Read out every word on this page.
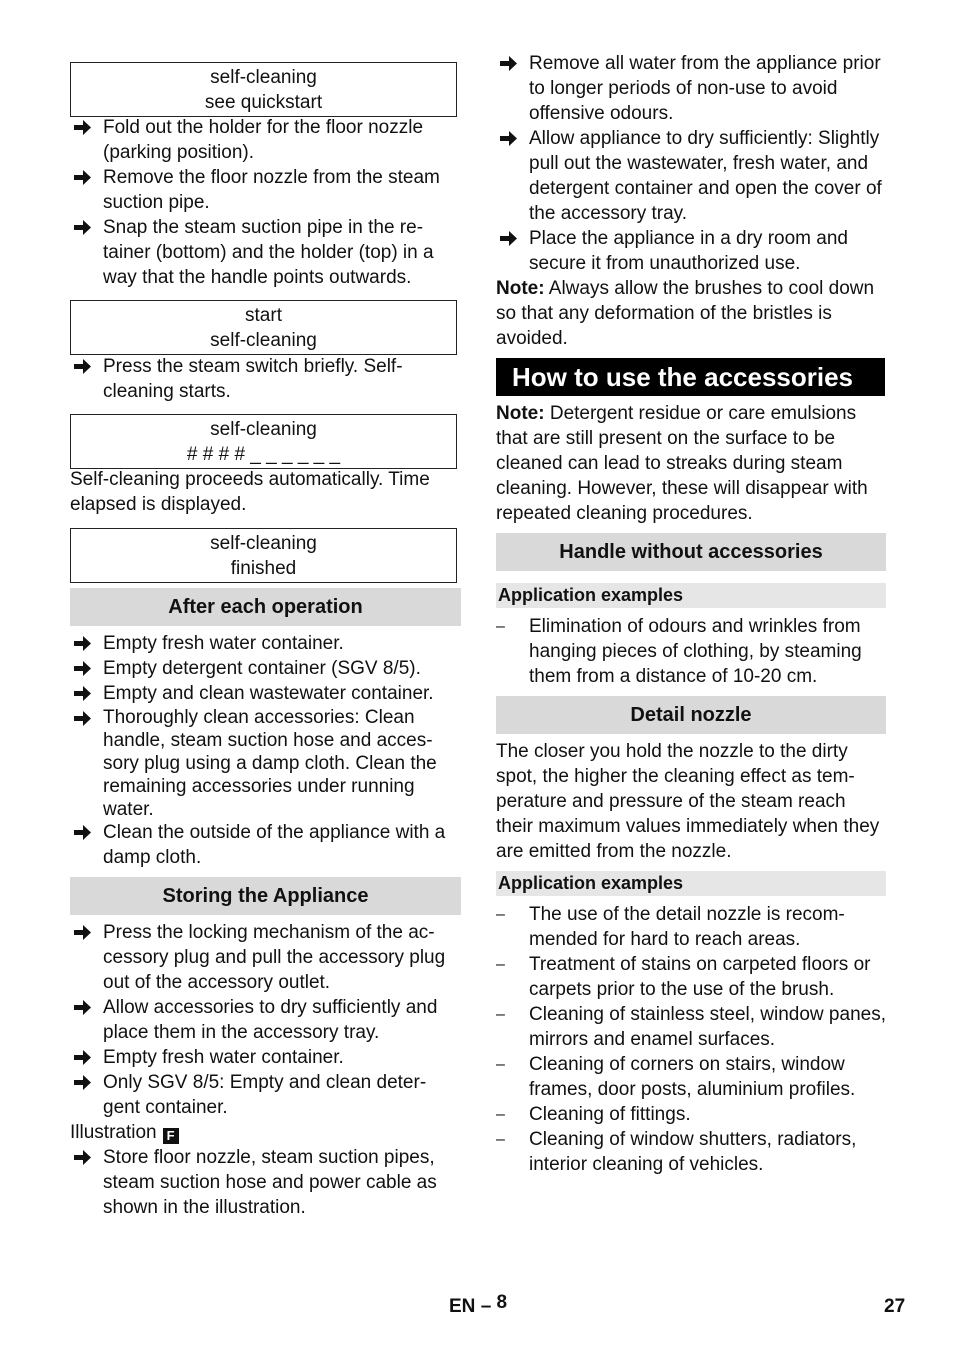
self-cleaning
see quickstart
Fold out the holder for the floor nozzle (parking position).
Remove the floor nozzle from the steam suction pipe.
Snap the steam suction pipe in the re-tainer (bottom) and the holder (top) in a way that the handle points outwards.
start
self-cleaning
Press the steam switch briefly. Self-cleaning starts.
self-cleaning
# # # # _ _ _ _ _ _
Self-cleaning proceeds automatically. Time elapsed is displayed.
self-cleaning
finished
After each operation
Empty fresh water container.
Empty detergent container (SGV 8/5).
Empty and clean wastewater container.
Thoroughly clean accessories: Clean handle, steam suction hose and acces-sory plug using a damp cloth. Clean the remaining accessories under running water.
Clean the outside of the appliance with a damp cloth.
Storing the Appliance
Press the locking mechanism of the ac-cessory plug and pull the accessory plug out of the accessory outlet.
Allow accessories to dry sufficiently and place them in the accessory tray.
Empty fresh water container.
Only SGV 8/5: Empty and clean deter-gent container.
Illustration F
Store floor nozzle, steam suction pipes, steam suction hose and power cable as shown in the illustration.
Remove all water from the appliance prior to longer periods of non-use to avoid offensive odours.
Allow appliance to dry sufficiently: Slightly pull out the wastewater, fresh water, and detergent container and open the cover of the accessory tray.
Place the appliance in a dry room and secure it from unauthorized use.
Note: Always allow the brushes to cool down so that any deformation of the bristles is avoided.
How to use the accessories
Note: Detergent residue or care emulsions that are still present on the surface to be cleaned can lead to streaks during steam cleaning. However, these will disappear with repeated cleaning procedures.
Handle without accessories
Application examples
–	Elimination of odours and wrinkles from hanging pieces of clothing, by steaming them from a distance of 10-20 cm.
Detail nozzle
The closer you hold the nozzle to the dirty spot, the higher the cleaning effect as tem-perature and pressure of the steam reach their maximum values immediately when they are emitted from the nozzle.
Application examples
–	The use of the detail nozzle is recom-mended for hard to reach areas.
–	Treatment of stains on carpeted floors or carpets prior to the use of the brush.
–	Cleaning of stainless steel, window panes, mirrors and enamel surfaces.
–	Cleaning of corners on stairs, window frames, door posts, aluminium profiles.
–	Cleaning of fittings.
–	Cleaning of window shutters, radiators, interior cleaning of vehicles.
EN – 8	27
